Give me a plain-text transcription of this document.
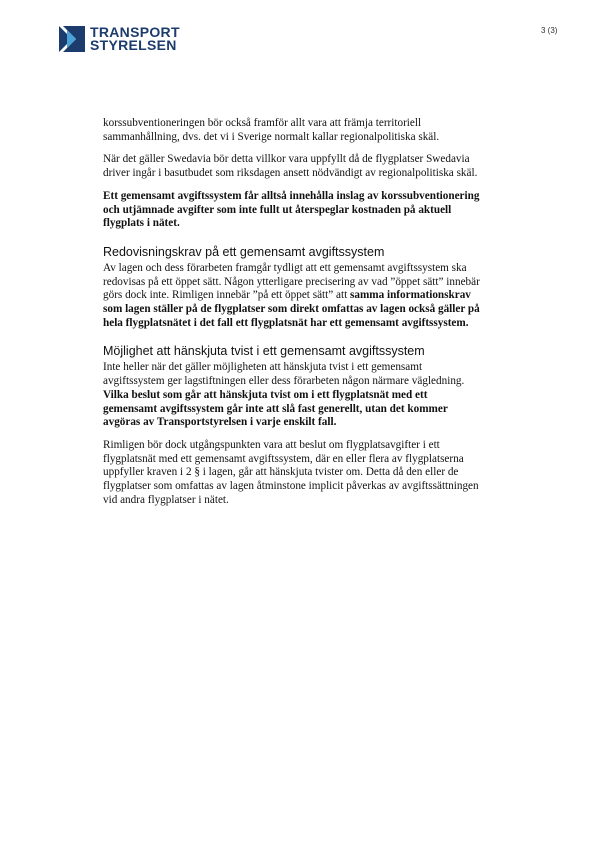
TRANSPORT
STYRELSEN
3 (3)

korssubventioneringen bör också framför allt vara att främja territoriell sammanhållning, dvs. det vi i Sverige normalt kallar regionalpolitiska skäl.

När det gäller Swedavia bör detta villkor vara uppfyllt då de flygplatser Swedavia driver ingår i basutbudet som riksdagen ansett nödvändigt av regionalpolitiska skäl.

Ett gemensamt avgiftssystem får alltså innehålla inslag av korssubventionering och utjämnade avgifter som inte fullt ut återspeglar kostnaden på aktuell flygplats i nätet.

Redovisningskrav på ett gemensamt avgiftssystem

Av lagen och dess förarbeten framgår tydligt att ett gemensamt avgiftssystem ska redovisas på ett öppet sätt. Någon ytterligare precisering av vad ”öppet sätt” innebär görs dock inte. Rimligen innebär ”på ett öppet sätt” att samma informationskrav som lagen ställer på de flygplatser som direkt omfattas av lagen också gäller på hela flygplatsnätet i det fall ett flygplatsnät har ett gemensamt avgiftssystem.

Möjlighet att hänskjuta tvist i ett gemensamt avgiftssystem

Inte heller när det gäller möjligheten att hänskjuta tvist i ett gemensamt avgiftssystem ger lagstiftningen eller dess förarbeten någon närmare vägledning. Vilka beslut som går att hänskjuta tvist om i ett flygplatsnät med ett gemensamt avgiftssystem går inte att slå fast generellt, utan det kommer avgöras av Transportstyrelsen i varje enskilt fall.

Rimligen bör dock utgångspunkten vara att beslut om flygplatsavgifter i ett flygplatsnät med ett gemensamt avgiftssystem, där en eller flera av flygplatserna uppfyller kraven i 2 § i lagen, går att hänskjuta tvister om. Detta då den eller de flygplatser som omfattas av lagen åtminstone implicit påverkas av avgiftssättningen vid andra flygplatser i nätet.
